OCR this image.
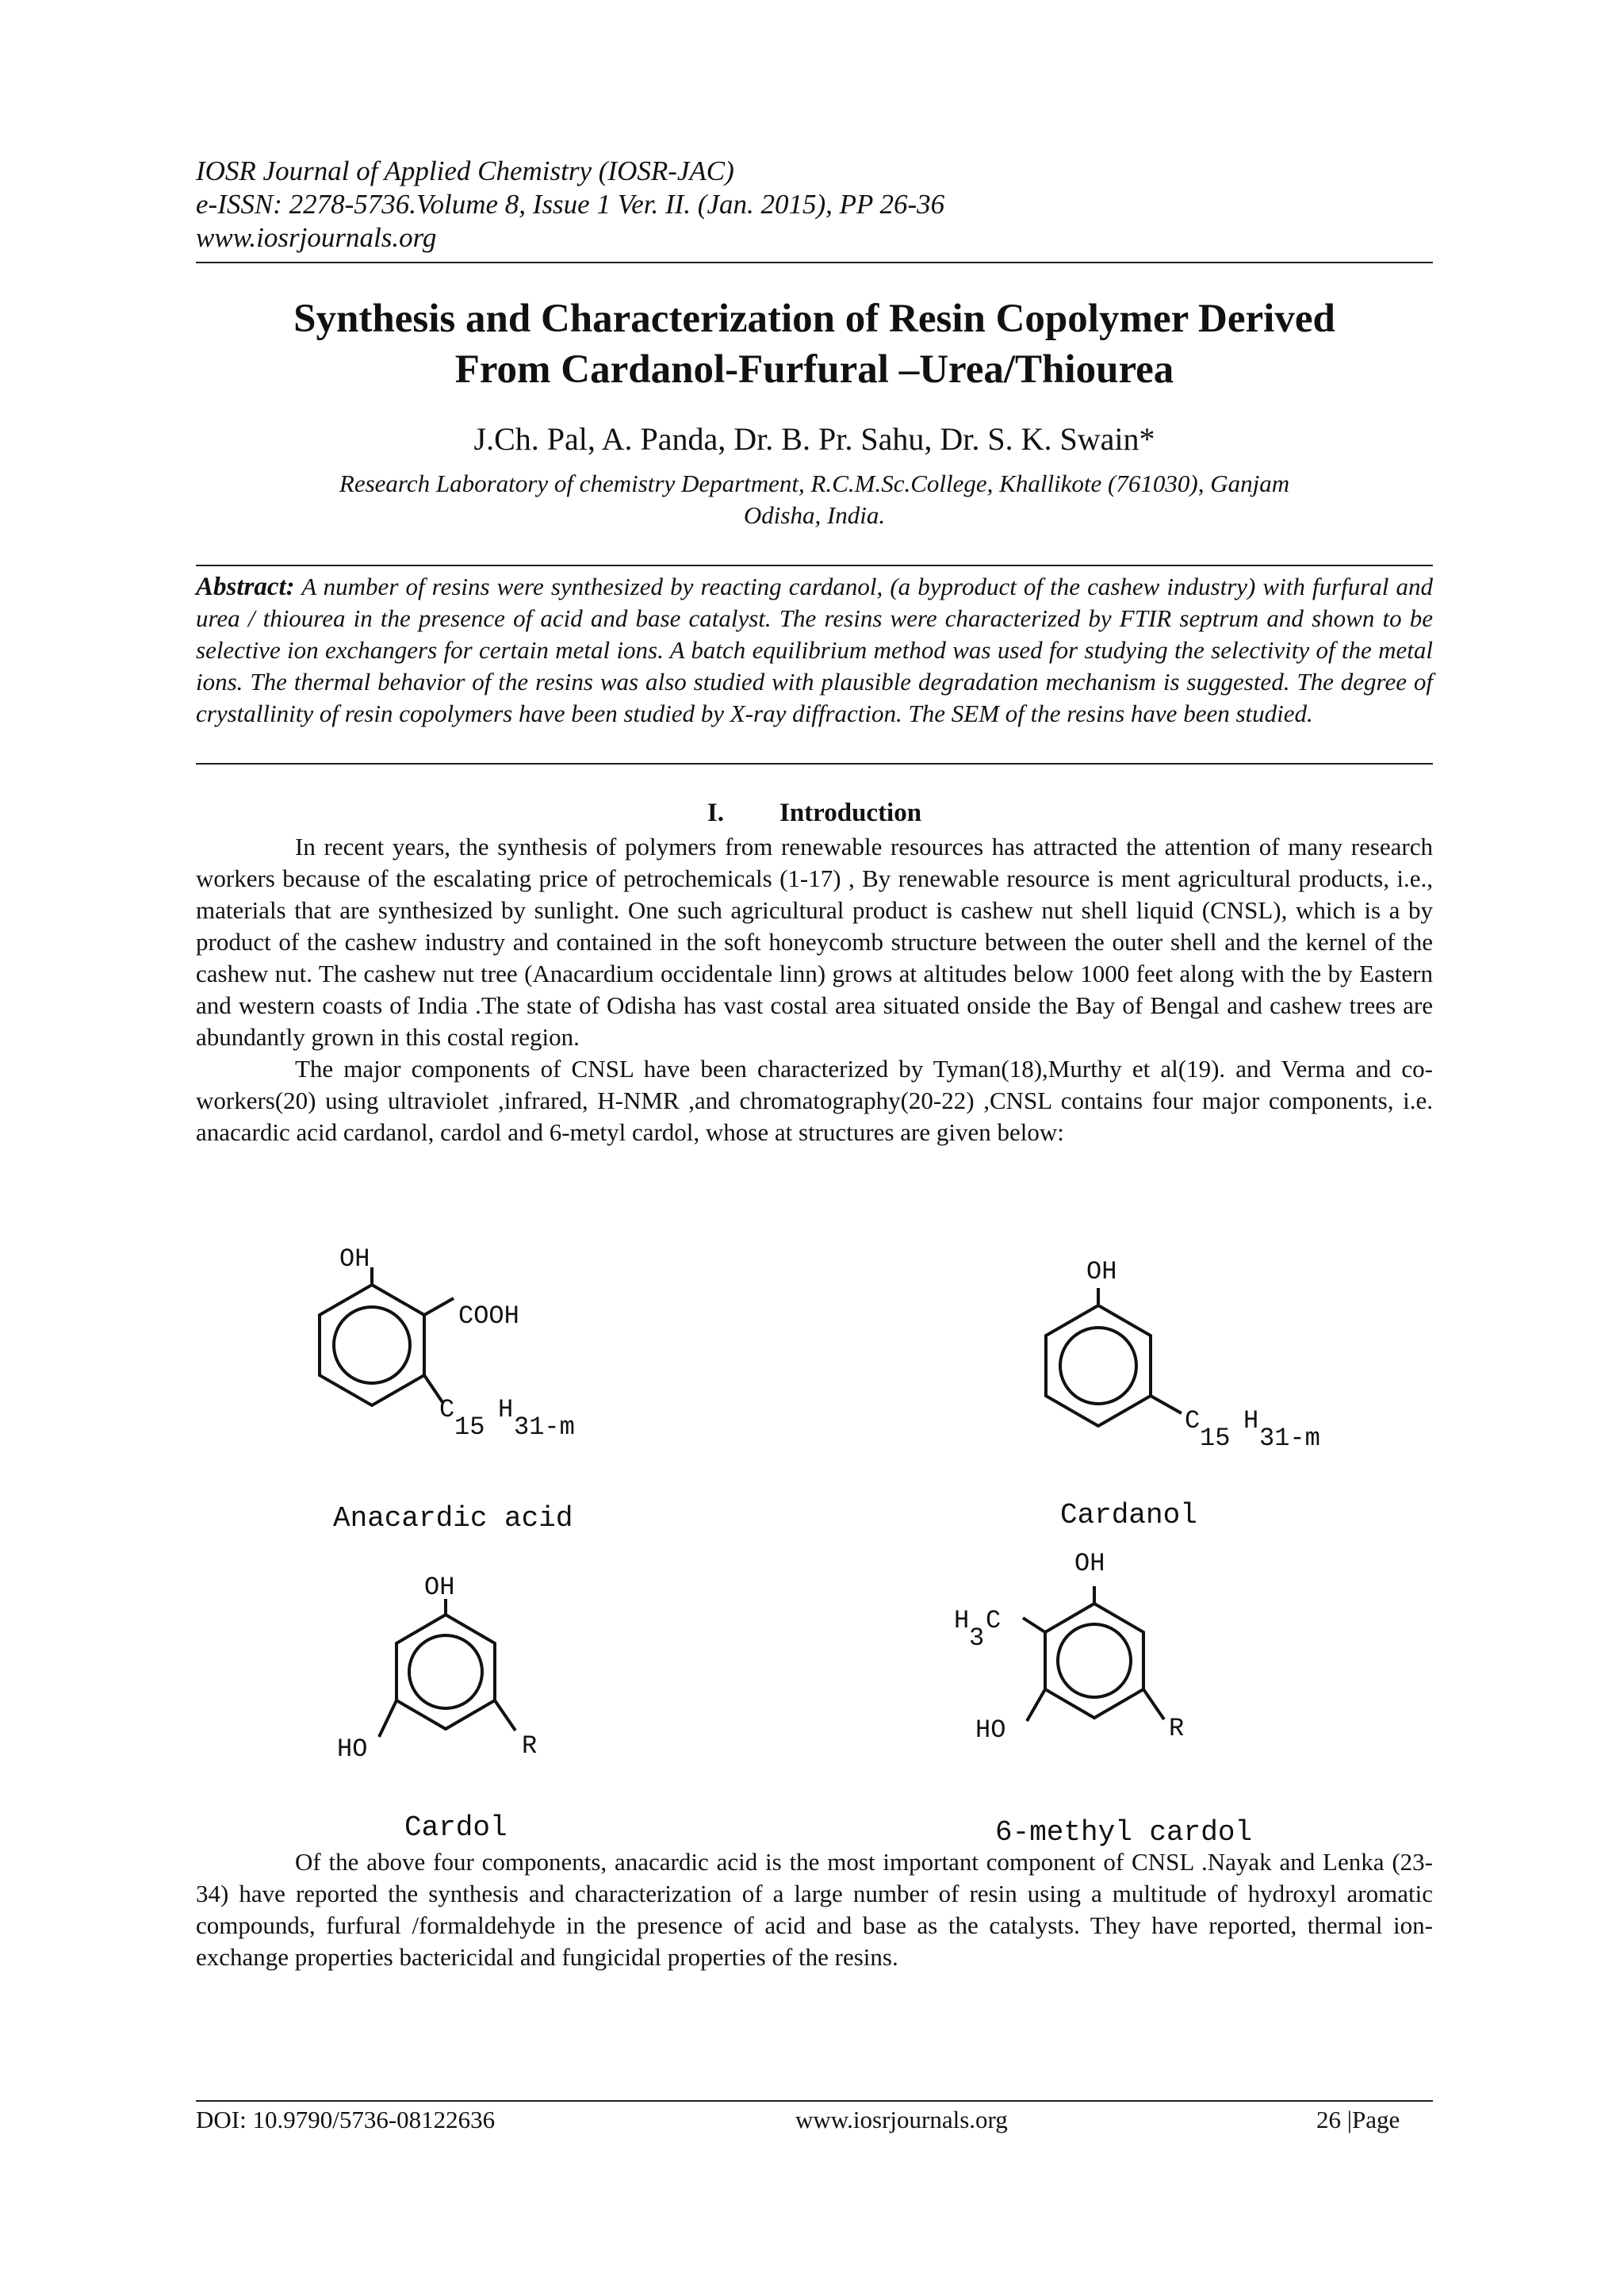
IOSR Journal of Applied Chemistry (IOSR-JAC)
e-ISSN: 2278-5736.Volume 8, Issue 1 Ver. II. (Jan. 2015), PP 26-36
www.iosrjournals.org
Synthesis and Characterization of Resin Copolymer Derived
From Cardanol-Furfural –Urea/Thiourea
J.Ch. Pal, A. Panda, Dr. B. Pr. Sahu, Dr. S. K. Swain*
Research Laboratory of chemistry Department, R.C.M.Sc.College, Khallikote (761030), Ganjam
Odisha, India.
Abstract: A number of resins were synthesized by reacting cardanol, (a byproduct of the cashew industry) with furfural and urea / thiourea in the presence of acid and base catalyst. The resins were characterized by FTIR septrum and shown to be selective ion exchangers for certain metal ions. A batch equilibrium method was used for studying the selectivity of the metal ions. The thermal behavior of the resins was also studied with plausible degradation mechanism is suggested. The degree of crystallinity of resin copolymers have been studied by X-ray diffraction. The SEM of the resins have been studied.
I. Introduction

In recent years, the synthesis of polymers from renewable resources has attracted the attention of many research workers because of the escalating price of petrochemicals (1-17) , By renewable resource is ment agricultural products, i.e., materials that are synthesized by sunlight. One such agricultural product is cashew nut shell liquid (CNSL), which is a by product of the cashew industry and contained in the soft honeycomb structure between the outer shell and the kernel of the cashew nut. The cashew nut tree (Anacardium occidentale linn) grows at altitudes below 1000 feet along with the by Eastern and western coasts of India .The state of Odisha has vast costal area situated onside the Bay of Bengal and cashew trees are abundantly grown in this costal region.

The major components of CNSL have been characterized by Tyman(18),Murthy et al(19). and Verma and co-workers(20) using ultraviolet ,infrared, H-NMR ,and chromatography(20-22) ,CNSL contains four major components, i.e. anacardic acid cardanol, cardol and 6-metyl cardol, whose at structures are given below:

OH
COOH
C
15
H
31-m
Anacardic acid
OH
C
15
H
31-m
Cardanol
OH
HO	R
Cardol
OH
H
3
C
HO	R
6-methyl cardol

Of the above four components, anacardic acid is the most important component of CNSL .Nayak and Lenka (23-34) have reported the synthesis and characterization of a large number of resin using a multitude of hydroxyl aromatic compounds, furfural /formaldehyde in the presence of acid and base as the catalysts. They have reported, thermal ion-exchange properties bactericidal and fungicidal properties of the resins.

DOI: 10.9790/5736-08122636	www.iosrjournals.org	26 |Page
